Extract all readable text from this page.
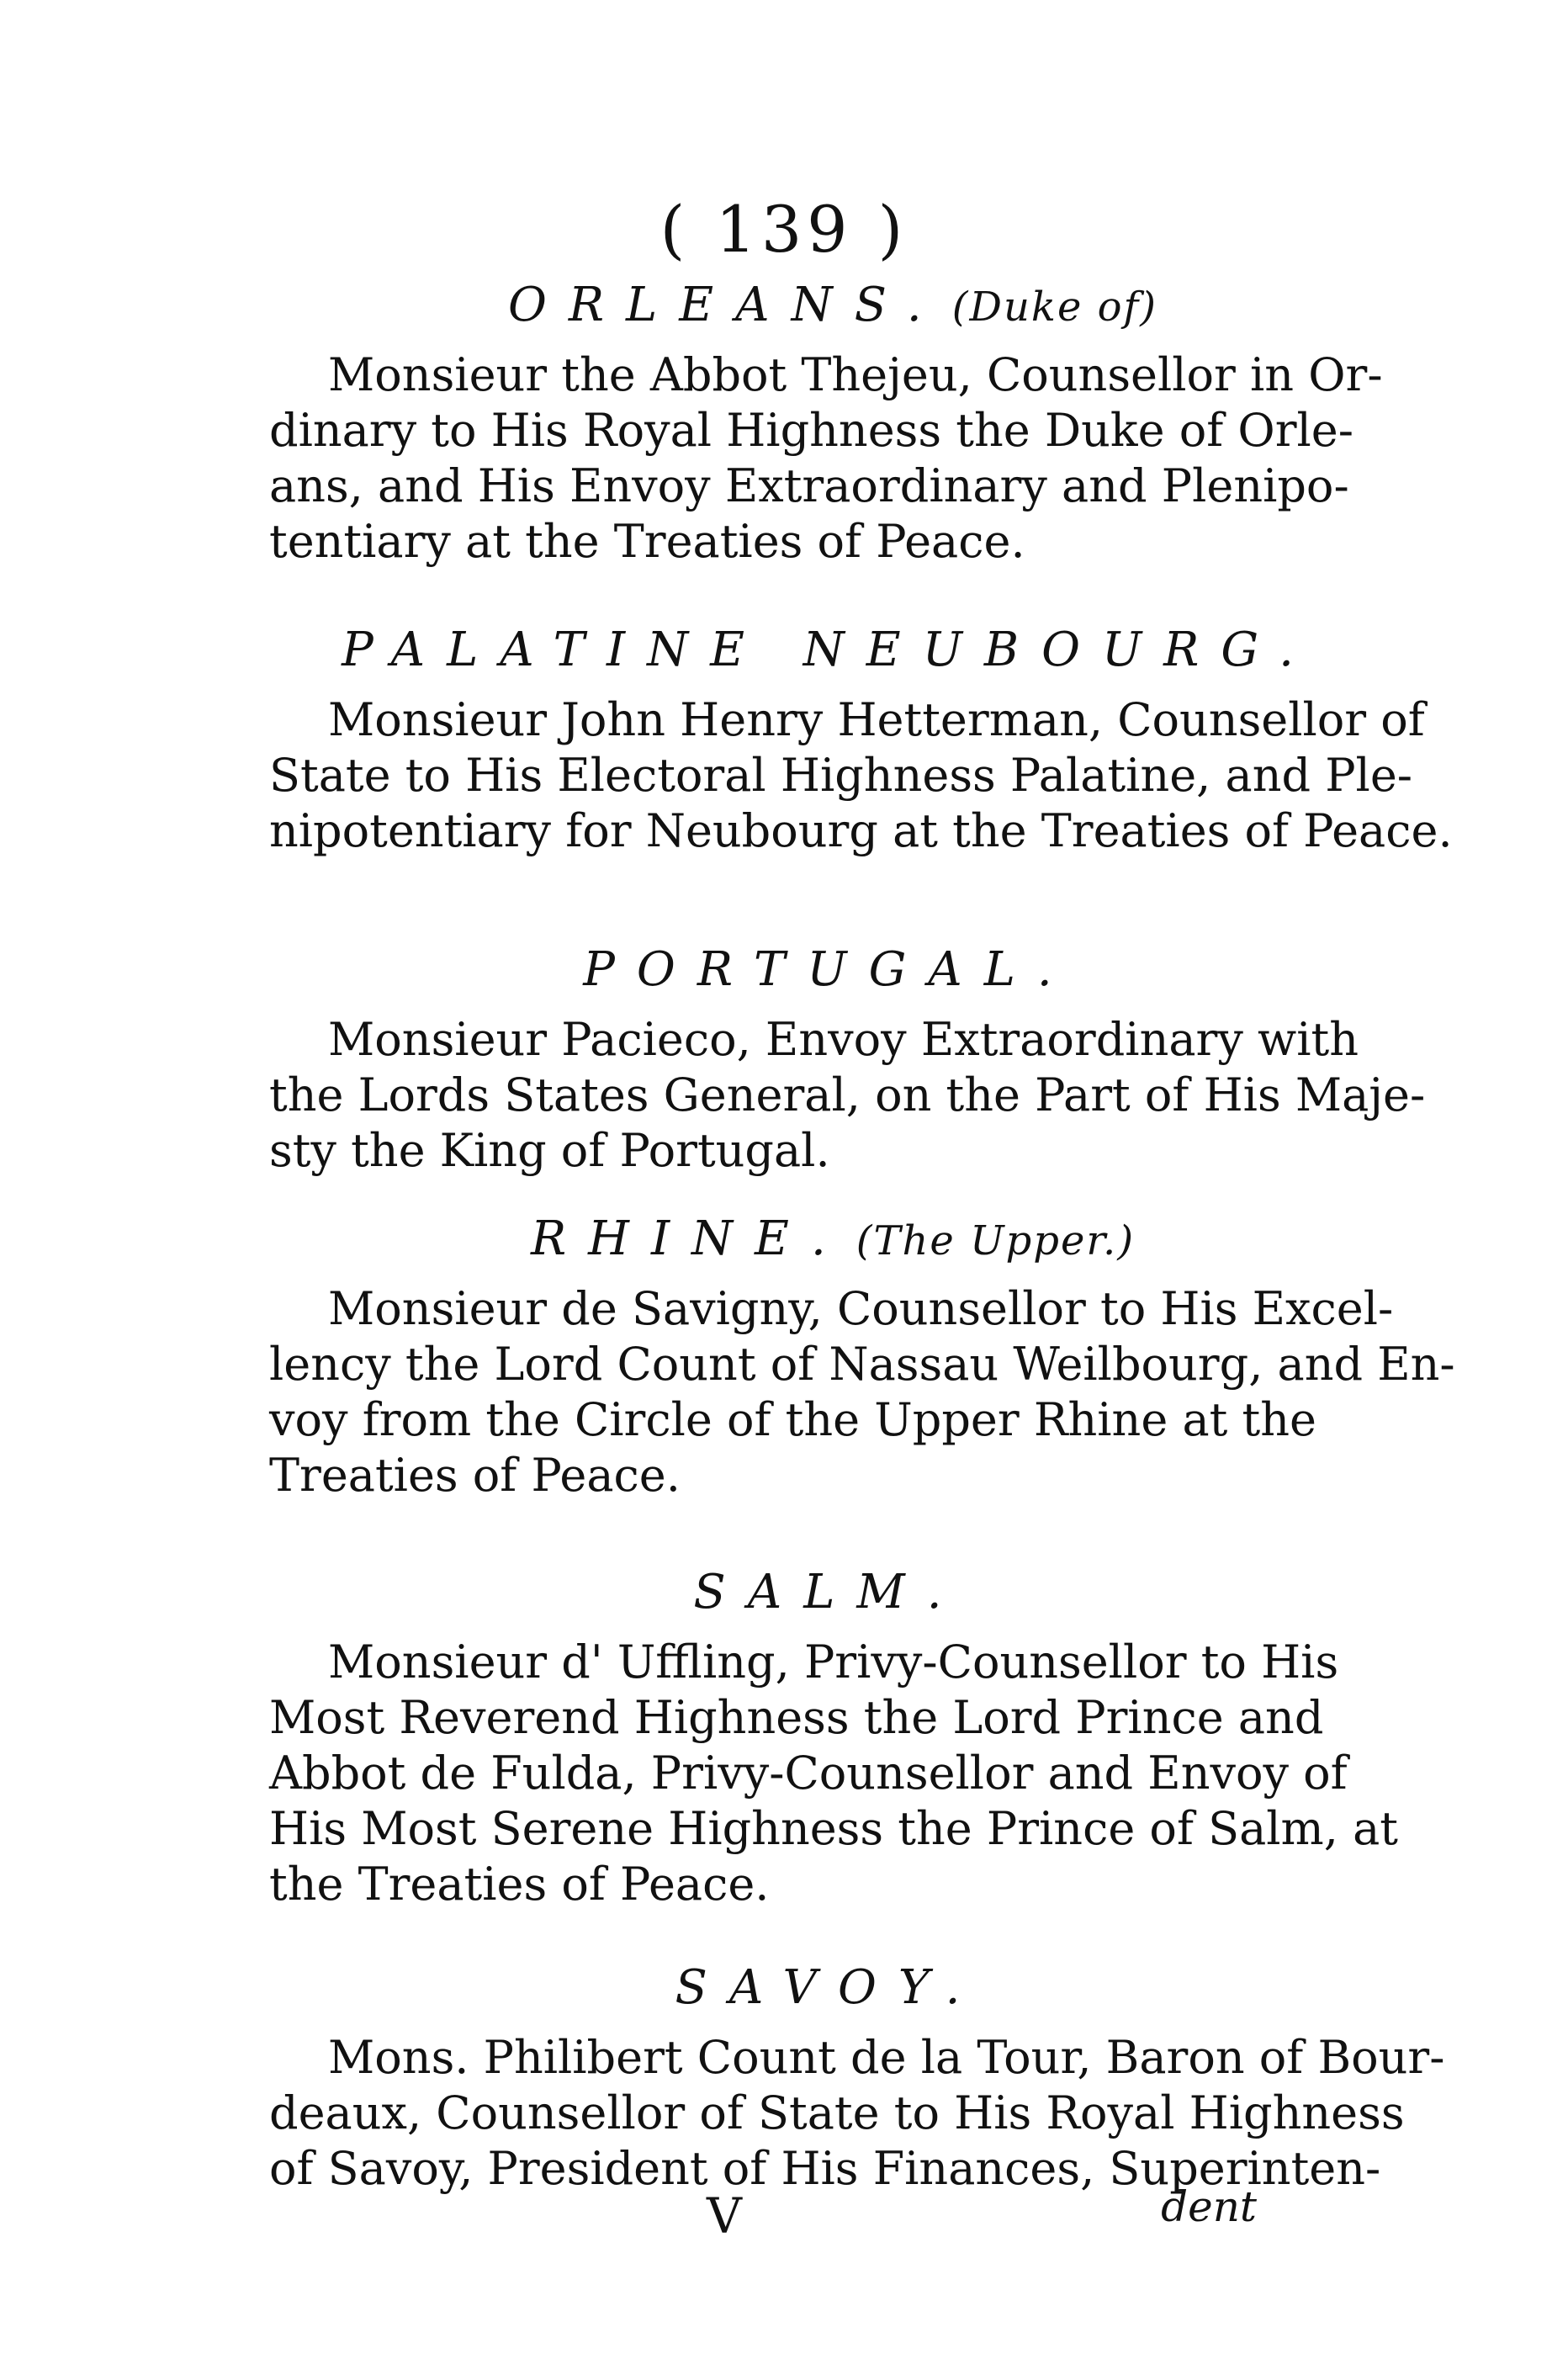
( 139 )
ORLEANS. (Duke of)

Monsieur the Abbot Thejeu, Counsellor in Or-

dinary to His Royal Highness the Duke of Orle-

ans, and His Envoy Extraordinary and Plenipo-

tentiary at the Treaties of Peace.

PALATINE NEUBOURG.

Monsieur John Henry Hetterman, Counsellor of

State to His Electoral Highness Palatine, and Ple-

nipotentiary for Neubourg at the Treaties of Peace.

PORTUGAL.

Monsieur Pacieco, Envoy Extraordinary with

the Lords States General, on the Part of His Maje-

sty the King of Portugal.

RHINE. (The Upper.)

Monsieur de Savigny, Counsellor to His Excel-

lency the Lord Count of Nassau Weilbourg, and En-

voy from the Circle of the Upper Rhine at the

Treaties of Peace.

SALM.

Monsieur d' Uffling, Privy-Counsellor to His

Most Reverend Highness the Lord Prince and

Abbot de Fulda, Privy-Counsellor and Envoy of

His Most Serene Highness the Prince of Salm, at

the Treaties of Peace.

SAVOY.

Mons. Philibert Count de la Tour, Baron of Bour-

deaux, Counsellor of State to His Royal Highness

of Savoy, President of His Finances, Superinten-

V	dent
